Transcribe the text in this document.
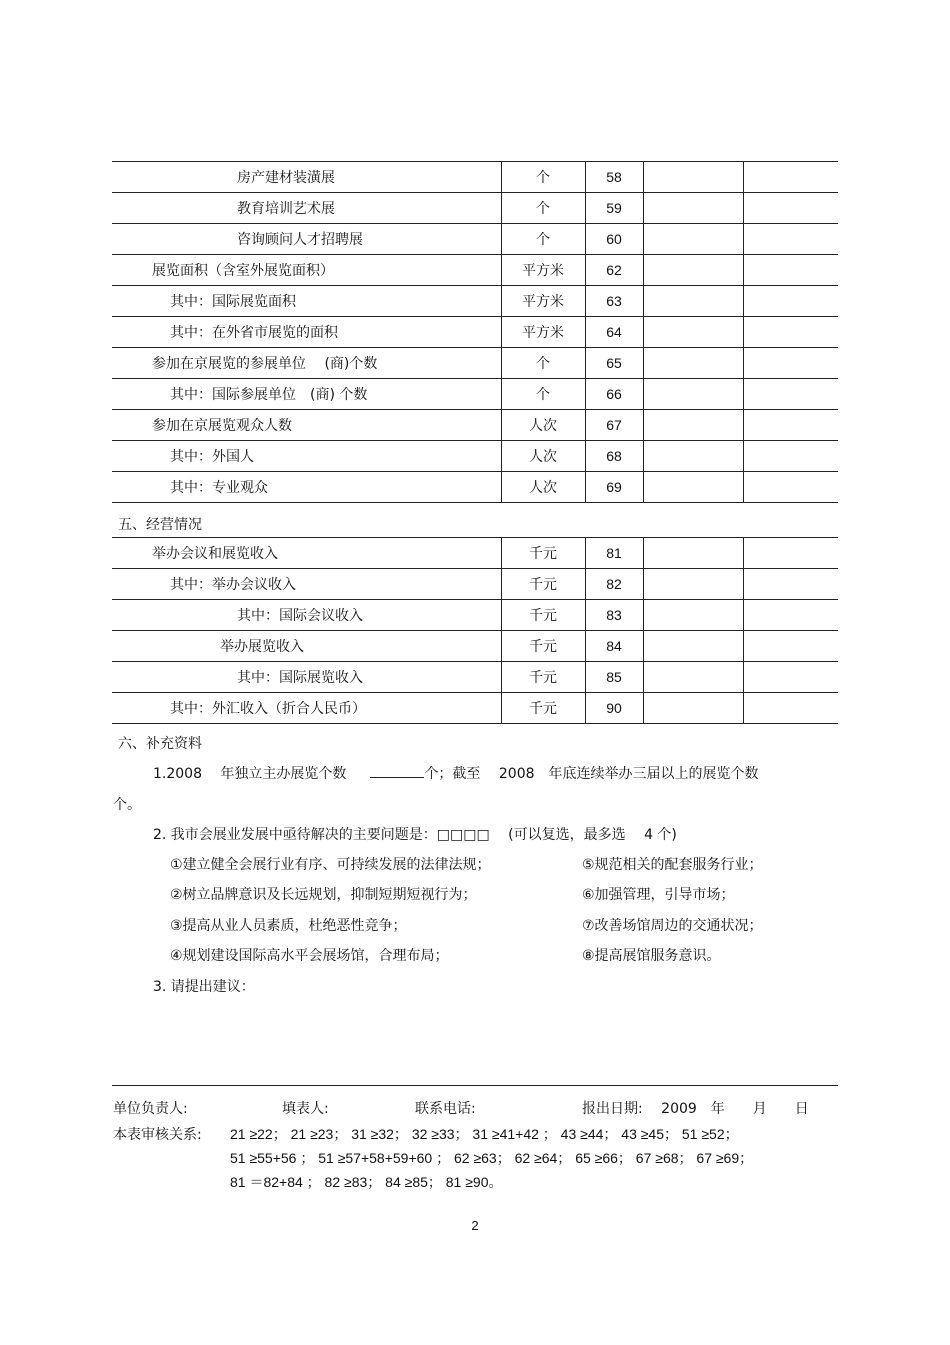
房产建材装潢展	个	58		
教育培训艺术展	个	59		
咨询顾问人才招聘展	个	60		
展览面积（含室外展览面积）	平方米	62		
其中：国际展览面积	平方米	63		
其中：在外省市展览的面积	平方米	64		
参加在京展览的参展单位　 (商)个数	个	65		
其中：国际参展单位　(商) 个数	个	66		
参加在京展览观众人数	人次	67		
其中：外国人	人次	68		
其中：专业观众	人次	69		
五、经营情况
举办会议和展览收入	千元	81		
其中：举办会议收入	千元	82		
其中：国际会议收入	千元	83		
举办展览收入	千元	84		
其中：国际展览收入	千元	85		
其中：外汇收入（折合人民币）	千元	90		
六、补充资料
1.2008　 年独立主办展览个数	个；截至　 2008　年底连续举办三届以上的展览个数
个。
2. 我市会展业发展中亟待解决的主要问题是：□□□□　 (可以复选，最多选　 4 个)
①建立健全会展行业有序、可持续发展的法律法规；	⑤规范相关的配套服务行业；
②树立品牌意识及长远规划，抑制短期短视行为；	⑥加强管理，引导市场；
③提高从业人员素质，杜绝恶性竞争；	⑦改善场馆周边的交通状况；
④规划建设国际高水平会展场馆，合理布局；	⑧提高展馆服务意识。
3. 请提出建议：
单位负责人:	填表人:	联系电话:	报出日期:　 2009　年　　月　　日
本表审核关系: 21 ≥22； 21 ≥23； 31 ≥32； 32 ≥33； 31 ≥41+42 ； 43 ≥44； 43 ≥45； 51 ≥52；
51 ≥55+56 ； 51 ≥57+58+59+60 ； 62 ≥63； 62 ≥64； 65 ≥66； 67 ≥68； 67 ≥69；
81 ＝82+84 ； 82 ≥83； 84 ≥85； 81 ≥90。
2
